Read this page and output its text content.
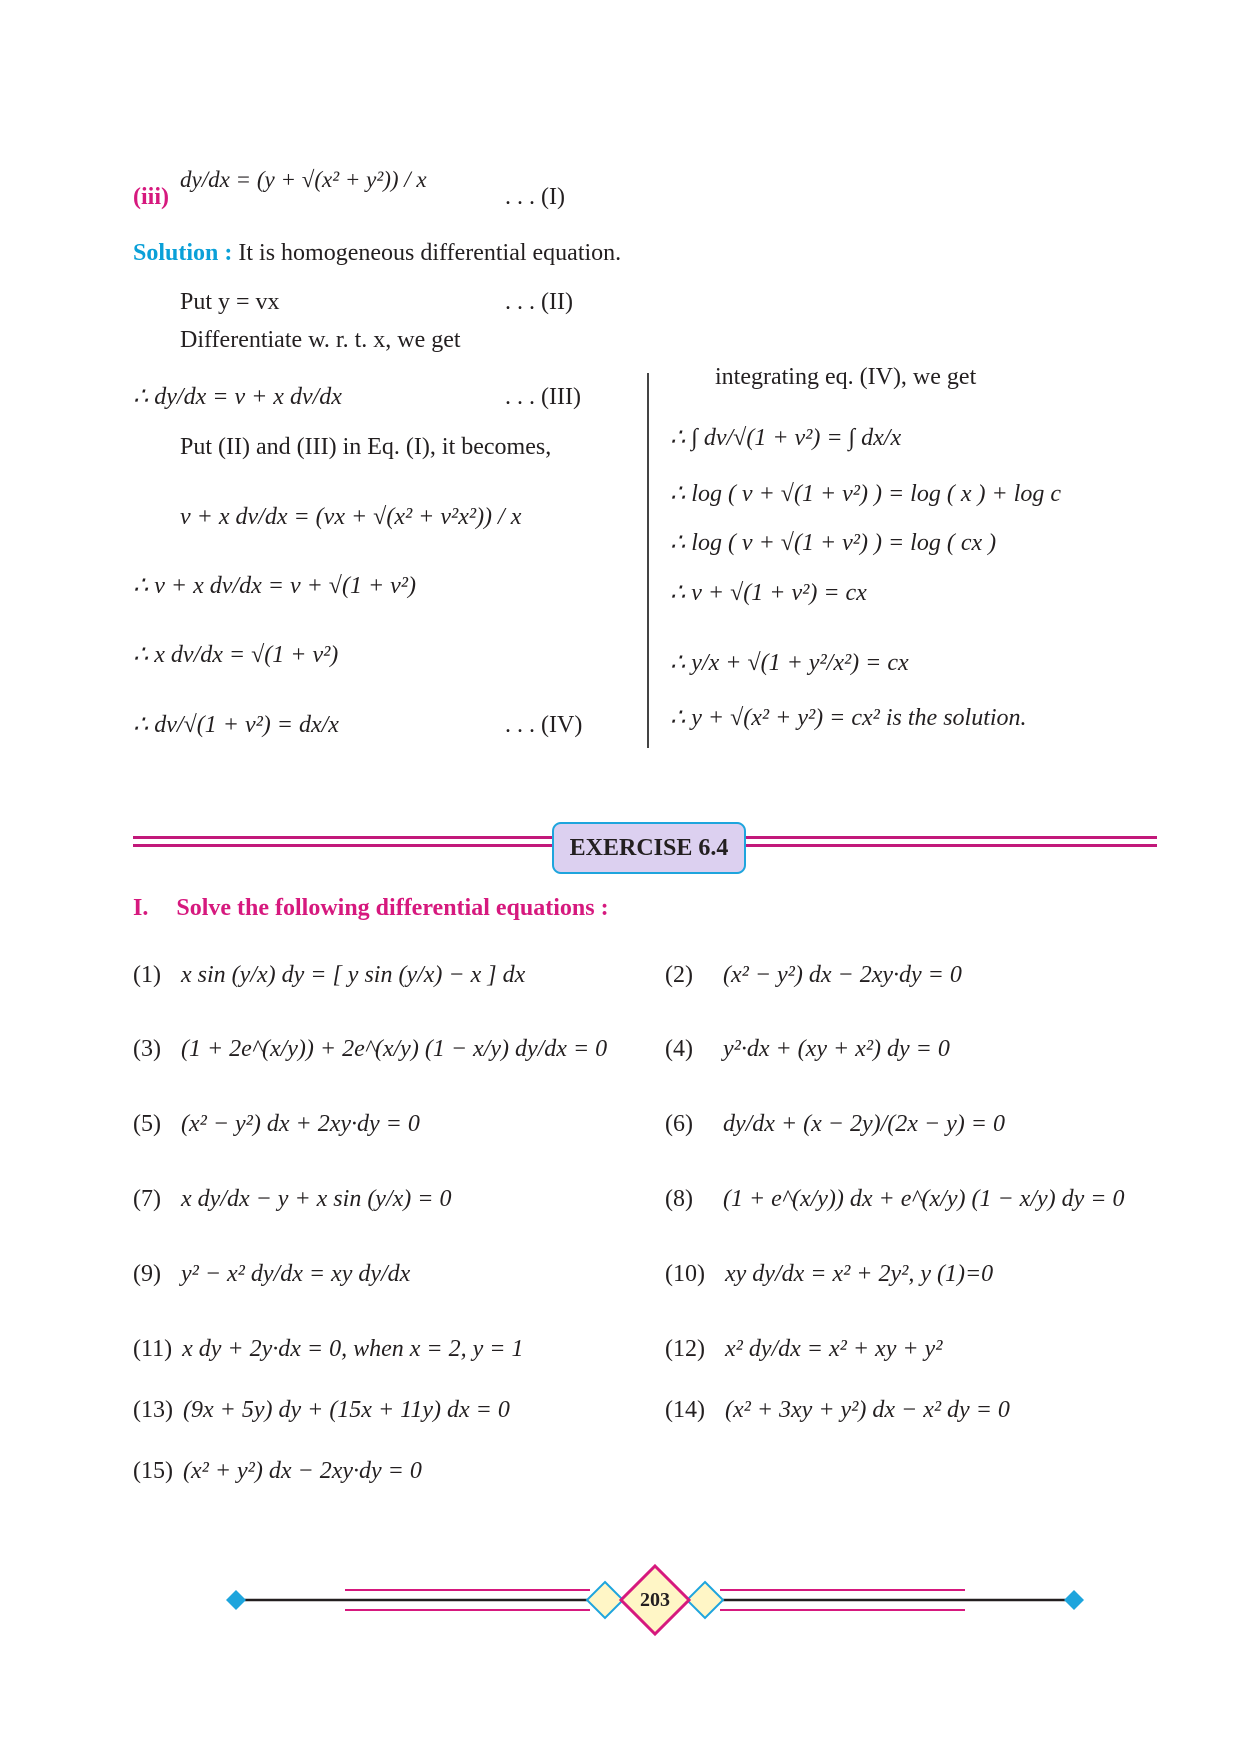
(iii)
dy/dx = (y + √(x² + y²)) / x
. . . (I)
Solution : It is homogeneous differential equation.
Put y = vx	. . . (II)
Differentiate w. r. t. x, we get
∴ dy/dx = v + x dv/dx	. . . (III)
Put (II) and (III) in Eq. (I), it becomes,
v + x dv/dx = (vx + √(x² + v²x²)) / x
∴ v + x dv/dx = v + √(1 + v²)
∴ x dv/dx = √(1 + v²)
∴ dv/√(1 + v²) = dx/x	. . . (IV)
integrating eq. (IV), we get
∴ ∫ dv/√(1 + v²) = ∫ dx/x
∴ log ( v + √(1 + v²) ) = log ( x ) + log c
∴ log ( v + √(1 + v²) ) = log ( cx )
∴ v + √(1 + v²) = cx
∴ y/x + √(1 + y²/x²) = cx
∴ y + √(x² + y²) = cx² is the solution.
EXERCISE 6.4
I. Solve the following differential equations :
(1) x sin (y/x) dy = [ y sin (y/x) − x ] dx	(2) (x² − y²) dx − 2xy·dy = 0
(3) (1 + 2e^(x/y)) + 2e^(x/y) (1 − x/y) dy/dx = 0 (4) y²·dx + (xy + x²) dy = 0
(5) (x² − y²) dx + 2xy·dy = 0	(6) dy/dx + (x − 2y)/(2x − y) = 0
(7) x dy/dx − y + x sin (y/x) = 0	(8) (1 + e^(x/y)) dx + e^(x/y) (1 − x/y) dy = 0
(9) y² − x² dy/dx = xy dy/dx	(10) xy dy/dx = x² + 2y², y (1)=0
(11) x dy + 2y·dx = 0, when x = 2, y = 1	(12) x² dy/dx = x² + xy + y²
(13) (9x + 5y) dy + (15x + 11y) dx = 0	(14) (x² + 3xy + y²) dx − x² dy = 0
(15) (x² + y²) dx − 2xy·dy = 0
203
